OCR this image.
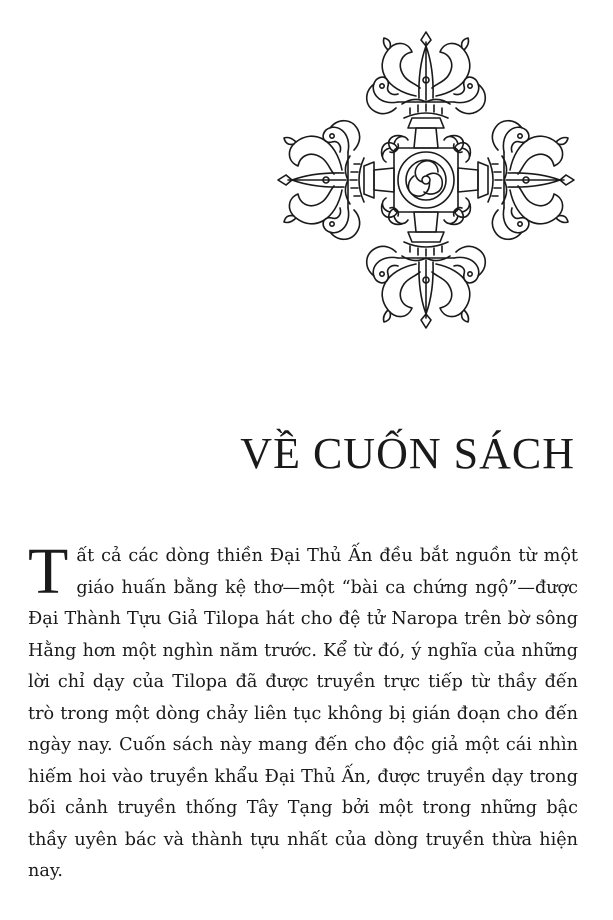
VỀ CUỐN SÁCH

Tất cả các dòng thiền Đại Thủ Ấn đều bắt nguồn từ một giáo huấn bằng kệ thơ—một “bài ca chứng ngộ”—được Đại Thành Tựu Giả Tilopa hát cho đệ tử Naropa trên bờ sông Hằng hơn một nghìn năm trước. Kể từ đó, ý nghĩa của những lời chỉ dạy của Tilopa đã được truyền trực tiếp từ thầy đến trò trong một dòng chảy liên tục không bị gián đoạn cho đến ngày nay. Cuốn sách này mang đến cho độc giả một cái nhìn hiếm hoi vào truyền khẩu Đại Thủ Ấn, được truyền dạy trong bối cảnh truyền thống Tây Tạng bởi một trong những bậc thầy uyên bác và thành tựu nhất của dòng truyền thừa hiện nay.
